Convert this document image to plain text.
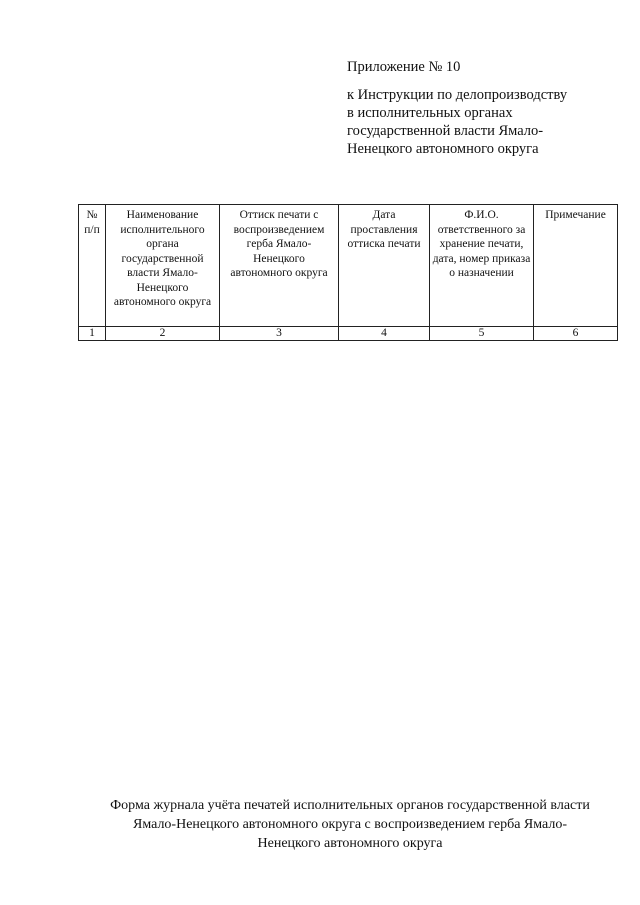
Приложение № 10
к Инструкции по делопроизводству
в исполнительных органах
государственной власти Ямало-
Ненецкого автономного округа
№ п/п	Наименование исполнительного органа государственной власти Ямало-Ненецкого автономного округа	Оттиск печати с воспроизведением герба Ямало-Ненецкого автономного округа	Дата проставления оттиска печати	Ф.И.О. ответственного за хранение печати, дата, номер приказа о назначении	Примечание
1	2	3	4	5	6
Форма журнала учёта печатей исполнительных органов государственной власти
Ямало-Ненецкого автономного округа с воспроизведением герба Ямало-
Ненецкого автономного округа
